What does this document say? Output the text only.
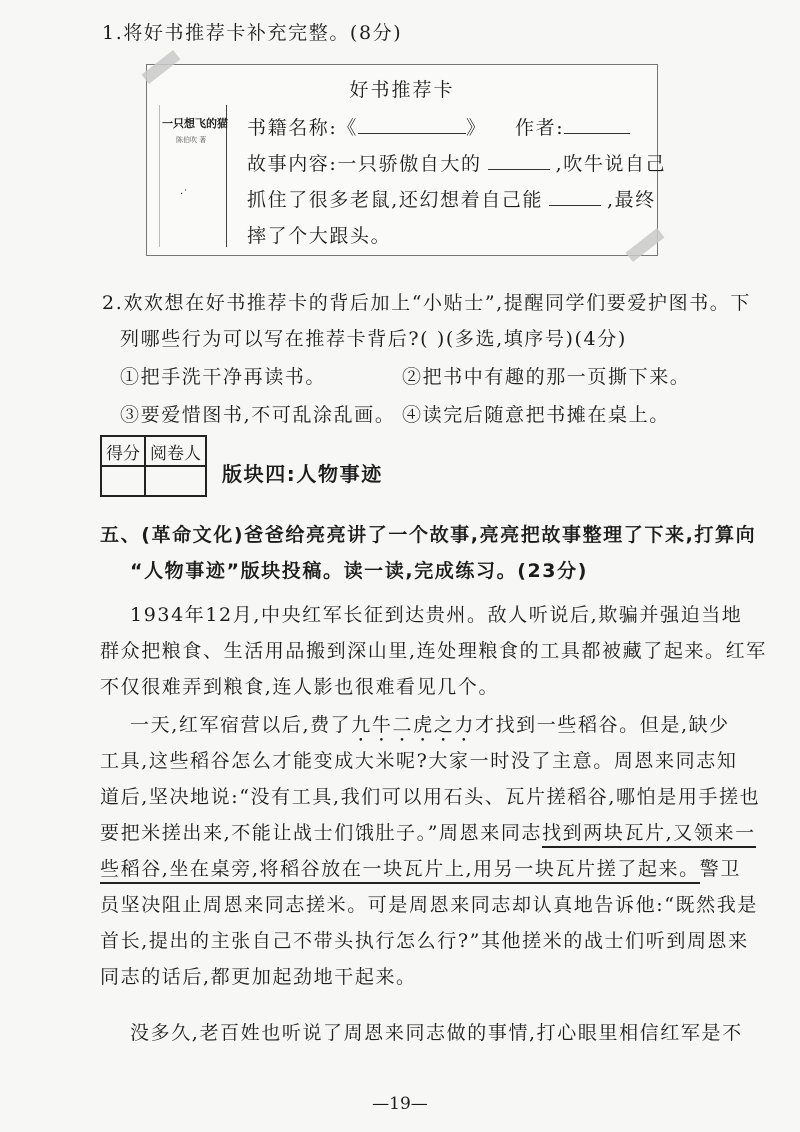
1.将好书推荐卡补充完整。(8分)
好书推荐卡
一只想飞的猫
陈伯吹 著
·˙
书籍名称:《	》 作者:
故事内容:一只骄傲自大的	,吹牛说自己
抓住了很多老鼠,还幻想着自己能	,最终
摔了个大跟头。
2.欢欢想在好书推荐卡的背后加上“小贴士”,提醒同学们要爱护图书。下
列哪些行为可以写在推荐卡背后?( )(多选,填序号)(4分)
①把手洗干净再读书。	②把书中有趣的那一页撕下来。
③要爱惜图书,不可乱涂乱画。 ④读完后随意把书摊在桌上。
得分	阅卷人

版块四:人物事迹
五、(革命文化)爸爸给亮亮讲了一个故事,亮亮把故事整理了下来,打算向
“人物事迹”版块投稿。读一读,完成练习。(23分)
1934年12月,中央红军长征到达贵州。敌人听说后,欺骗并强迫当地
群众把粮食、生活用品搬到深山里,连处理粮食的工具都被藏了起来。红军
不仅很难弄到粮食,连人影也很难看见几个。
一天,红军宿营以后,费了九牛二虎之力才找到一些稻谷。但是,缺少
工具,这些稻谷怎么才能变成大米呢?大家一时没了主意。周恩来同志知
道后,坚决地说:“没有工具,我们可以用石头、瓦片搓稻谷,哪怕是用手搓也
要把米搓出来,不能让战士们饿肚子。”周恩来同志找到两块瓦片,又领来一
些稻谷,坐在桌旁,将稻谷放在一块瓦片上,用另一块瓦片搓了起来。警卫
员坚决阻止周恩来同志搓米。可是周恩来同志却认真地告诉他:“既然我是
首长,提出的主张自己不带头执行怎么行?”其他搓米的战士们听到周恩来
同志的话后,都更加起劲地干起来。
没多久,老百姓也听说了周恩来同志做的事情,打心眼里相信红军是不
—19—
